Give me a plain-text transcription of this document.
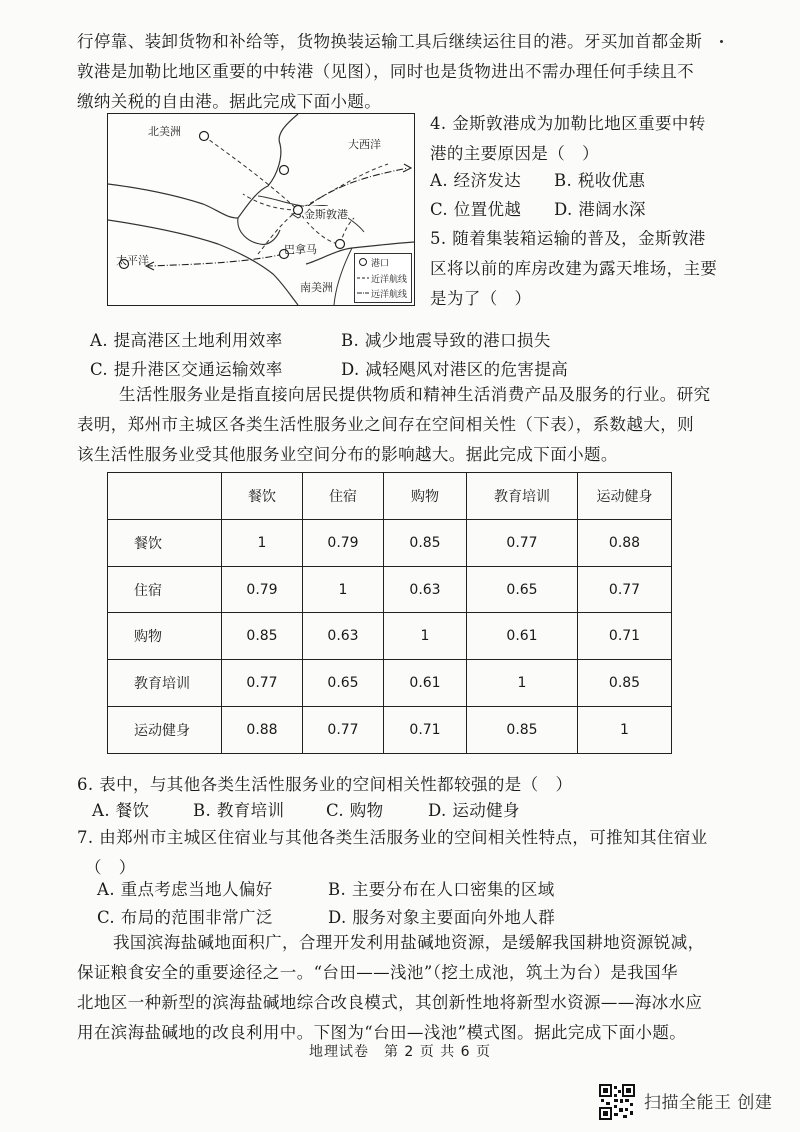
行停靠、装卸货物和补给等，货物换装运输工具后继续运往目的港。牙买加首都金斯
敦港是加勒比地区重要的中转港（见图），同时也是货物进出不需办理任何手续且不
缴纳关税的自由港。据此完成下面小题。
北美洲
大西洋
金斯敦港
巴拿马
太平洋
南美洲
港口
近洋航线
远洋航线
4. 金斯敦港成为加勒比地区重要中转
港的主要原因是（　）
A. 经济发达 B. 税收优惠
C. 位置优越 D. 港阔水深
5. 随着集装箱运输的普及，金斯敦港
区将以前的库房改建为露天堆场，主要
是为了（　）
A. 提高港区土地利用效率	B. 减少地震导致的港口损失
C. 提升港区交通运输效率	D. 减轻飓风对港区的危害提高
生活性服务业是指直接向居民提供物质和精神生活消费产品及服务的行业。研究
表明，郑州市主城区各类生活性服务业之间存在空间相关性（下表），系数越大，则
该生活性服务业受其他服务业空间分布的影响越大。据此完成下面小题。
	餐饮	住宿	购物	教育培训	运动健身
餐饮	1	0.79	0.85	0.77	0.88
住宿	0.79	1	0.63	0.65	0.77
购物	0.85	0.63	1	0.61	0.71
教育培训	0.77	0.65	0.61	1	0.85
运动健身	0.88	0.77	0.71	0.85	1
6. 表中，与其他各类生活性服务业的空间相关性都较强的是（　）
A. 餐饮	B. 教育培训	C. 购物	D. 运动健身
7. 由郑州市主城区住宿业与其他各类生活服务业的空间相关性特点，可推知其住宿业
（　）
A. 重点考虑当地人偏好	B. 主要分布在人口密集的区域
C. 布局的范围非常广泛	D. 服务对象主要面向外地人群
我国滨海盐碱地面积广，合理开发利用盐碱地资源，是缓解我国耕地资源锐减，
保证粮食安全的重要途径之一。“台田——浅池”（挖土成池，筑土为台）是我国华
北地区一种新型的滨海盐碱地综合改良模式，其创新性地将新型水资源——海冰水应
用在滨海盐碱地的改良利用中。下图为“台田—浅池”模式图。据此完成下面小题。
地理试卷　第 2 页 共 6 页
扫描全能王 创建
